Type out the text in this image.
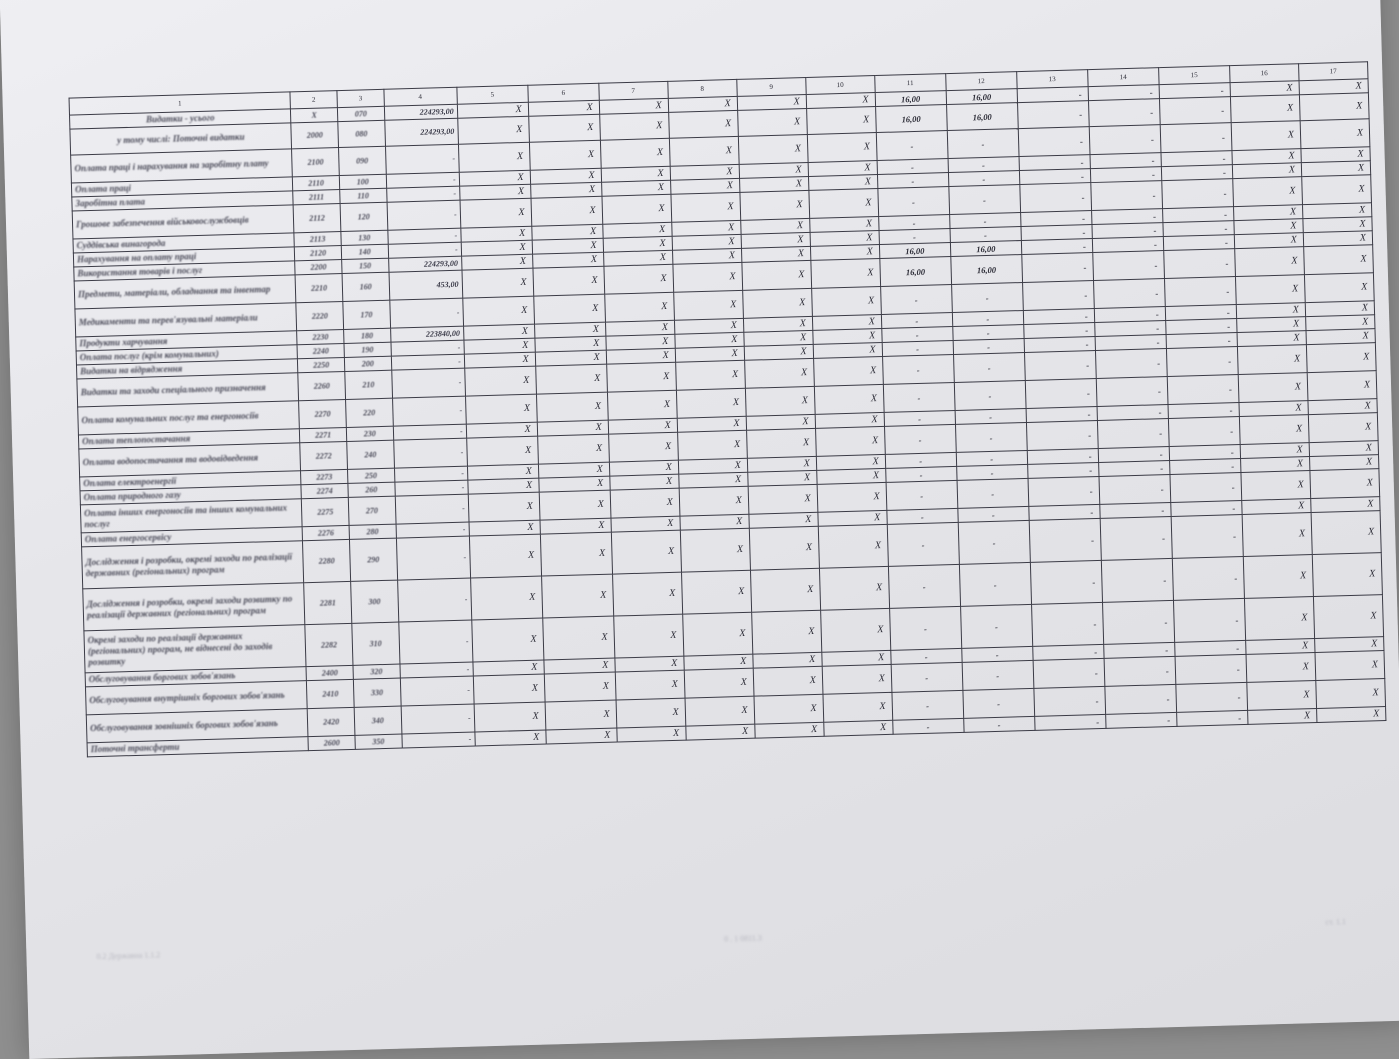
1	2	3	4	5	6	7	8	9	10	11	12	13	14	15	16	17
Видатки - усього	X	070	224293,00	X	X	X	X	X	X	16,00	16,00	-	-	-	X	X
у тому числі: Поточні видатки	2000	080	224293,00	X	X	X	X	X	X	16,00	16,00	-	-	-	X	X
Оплата праці і нарахування на заробітну плату	2100	090	-	X	X	X	X	X	X	-	-	-	-	-	X	X
Оплата праці	2110	100	-	X	X	X	X	X	X	-	-	-	-	-	X	X
Заробітна плата	2111	110	-	X	X	X	X	X	X	-	-	-	-	-	X	X
Грошове забезпечення військовослужбовців	2112	120	-	X	X	X	X	X	X	-	-	-	-	-	X	X
Суддівська винагорода	2113	130	-	X	X	X	X	X	X	-	-	-	-	-	X	X
Нарахування на оплату праці	2120	140	-	X	X	X	X	X	X	-	-	-	-	-	X	X
Використання товарів і послуг	2200	150	224293,00	X	X	X	X	X	X	16,00	16,00	-	-	-	X	X
Предмети, матеріали, обладнання та інвентар	2210	160	453,00	X	X	X	X	X	X	16,00	16,00	-	-	-	X	X
Медикаменти та перев'язувальні матеріали	2220	170	-	X	X	X	X	X	X	-	-	-	-	-	X	X
Продукти харчування	2230	180	223840,00	X	X	X	X	X	X	-	-	-	-	-	X	X
Оплата послуг (крім комунальних)	2240	190	-	X	X	X	X	X	X	-	-	-	-	-	X	X
Видатки на відрядження	2250	200	-	X	X	X	X	X	X	-	-	-	-	-	X	X
Видатки та заходи спеціального призначення	2260	210	-	X	X	X	X	X	X	-	-	-	-	-	X	X
Оплата комунальних послуг та енергоносіїв	2270	220	-	X	X	X	X	X	X	-	-	-	-	-	X	X
Оплата теплопостачання	2271	230	-	X	X	X	X	X	X	-	-	-	-	-	X	X
Оплата водопостачання та водовідведення	2272	240	-	X	X	X	X	X	X	-	-	-	-	-	X	X
Оплата електроенергії	2273	250	-	X	X	X	X	X	X	-	-	-	-	-	X	X
Оплата природного газу	2274	260	-	X	X	X	X	X	X	-	-	-	-	-	X	X
Оплата інших енергоносіїв та інших комунальних послуг	2275	270	-	X	X	X	X	X	X	-	-	-	-	-	X	X
Оплата енергосервісу	2276	280	-	X	X	X	X	X	X	-	-	-	-	-	X	X
Дослідження і розробки, окремі заходи по реалізації державних (регіональних) програм	2280	290	-	X	X	X	X	X	X	-	-	-	-	-	X	X
Дослідження і розробки, окремі заходи розвитку по реалізації державних (регіональних) програм	2281	300	-	X	X	X	X	X	X	-	-	-	-	-	X	X
Окремі заходи по реалізації державних (регіональних) програм, не віднесені до заходів розвитку	2282	310	-	X	X	X	X	X	X	-	-	-	-	-	X	X
Обслуговування боргових зобов'язань	2400	320	-	X	X	X	X	X	X	-	-	-	-	-	X	X
Обслуговування внутрішніх боргових зобов'язань	2410	330	-	X	X	X	X	X	X	-	-	-	-	-	X	X
Обслуговування зовнішніх боргових зобов'язань	2420	340	-	X	X	X	X	X	X	-	-	-	-	-	X	X
Поточні трансферти	2600	350	-	X	X	X	X	X	X	-	-	-	-	-	X	X
0.2 Державна 1.1.2
0 . 1 0811.3
ст. 1.1
